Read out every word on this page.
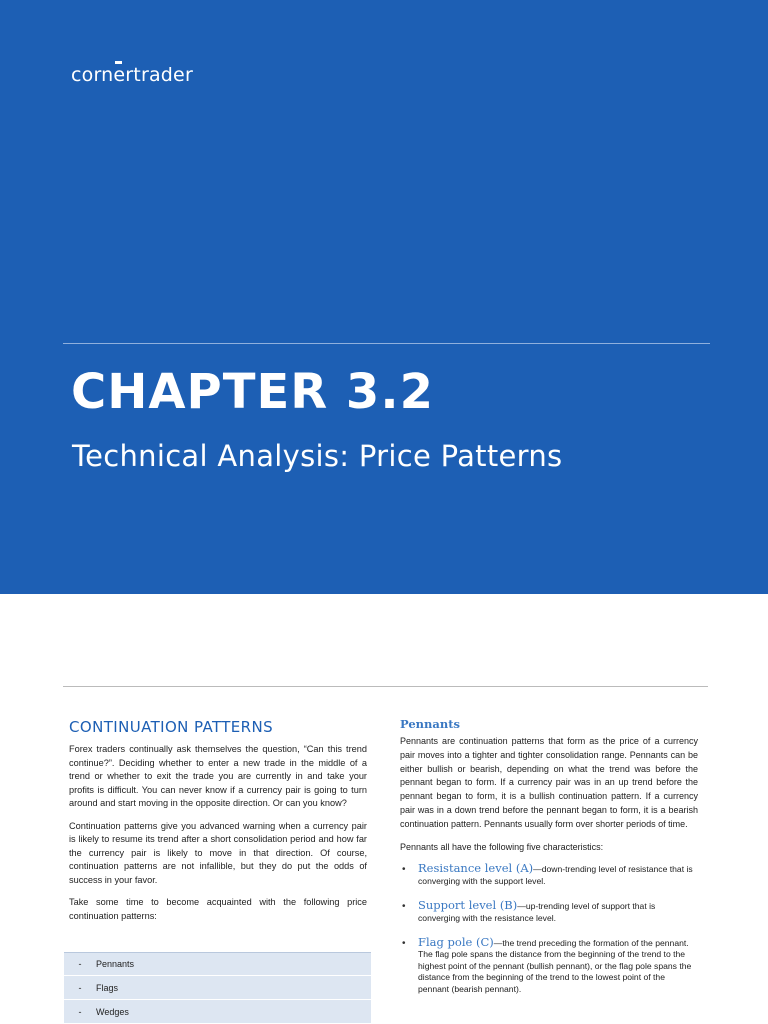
cornertrader
CHAPTER 3.2
Technical Analysis: Price Patterns
CONTINUATION PATTERNS

Forex traders continually ask themselves the question, “Can this trend continue?”. Deciding whether to enter a new trade in the middle of a trend or whether to exit the trade you are currently in and take your profits is difficult. You can never know if a currency pair is going to turn around and start moving in the opposite direction. Or can you know?

Continuation patterns give you advanced warning when a currency pair is likely to resume its trend after a short consolidation period and how far the currency pair is likely to move in that direction. Of course, continuation patterns are not infallible, but they do put the odds of success in your favor.

Take some time to become acquainted with the following price continuation patterns:

-	Pennants
-	Flags
-	Wedges
Pennants

Pennants are continuation patterns that form as the price of a currency pair moves into a tighter and tighter consolidation range. Pennants can be either bullish or bearish, depending on what the trend was before the pennant began to form. If a currency pair was in an up trend before the pennant began to form, it is a bullish continuation pattern. If a currency pair was in a down trend before the pennant began to form, it is a bearish continuation pattern. Pennants usually form over shorter periods of time.

Pennants all have the following five characteristics:

• Resistance level (A)—down-trending level of resistance that is converging with the support level.
• Support level (B)—up-trending level of support that is converging with the resistance level.
• Flag pole (C)—the trend preceding the formation of the pennant. The flag pole spans the distance from the beginning of the trend to the highest point of the pennant (bullish pennant), or the flag pole spans the distance from the beginning of the trend to the lowest point of the pennant (bearish pennant).
